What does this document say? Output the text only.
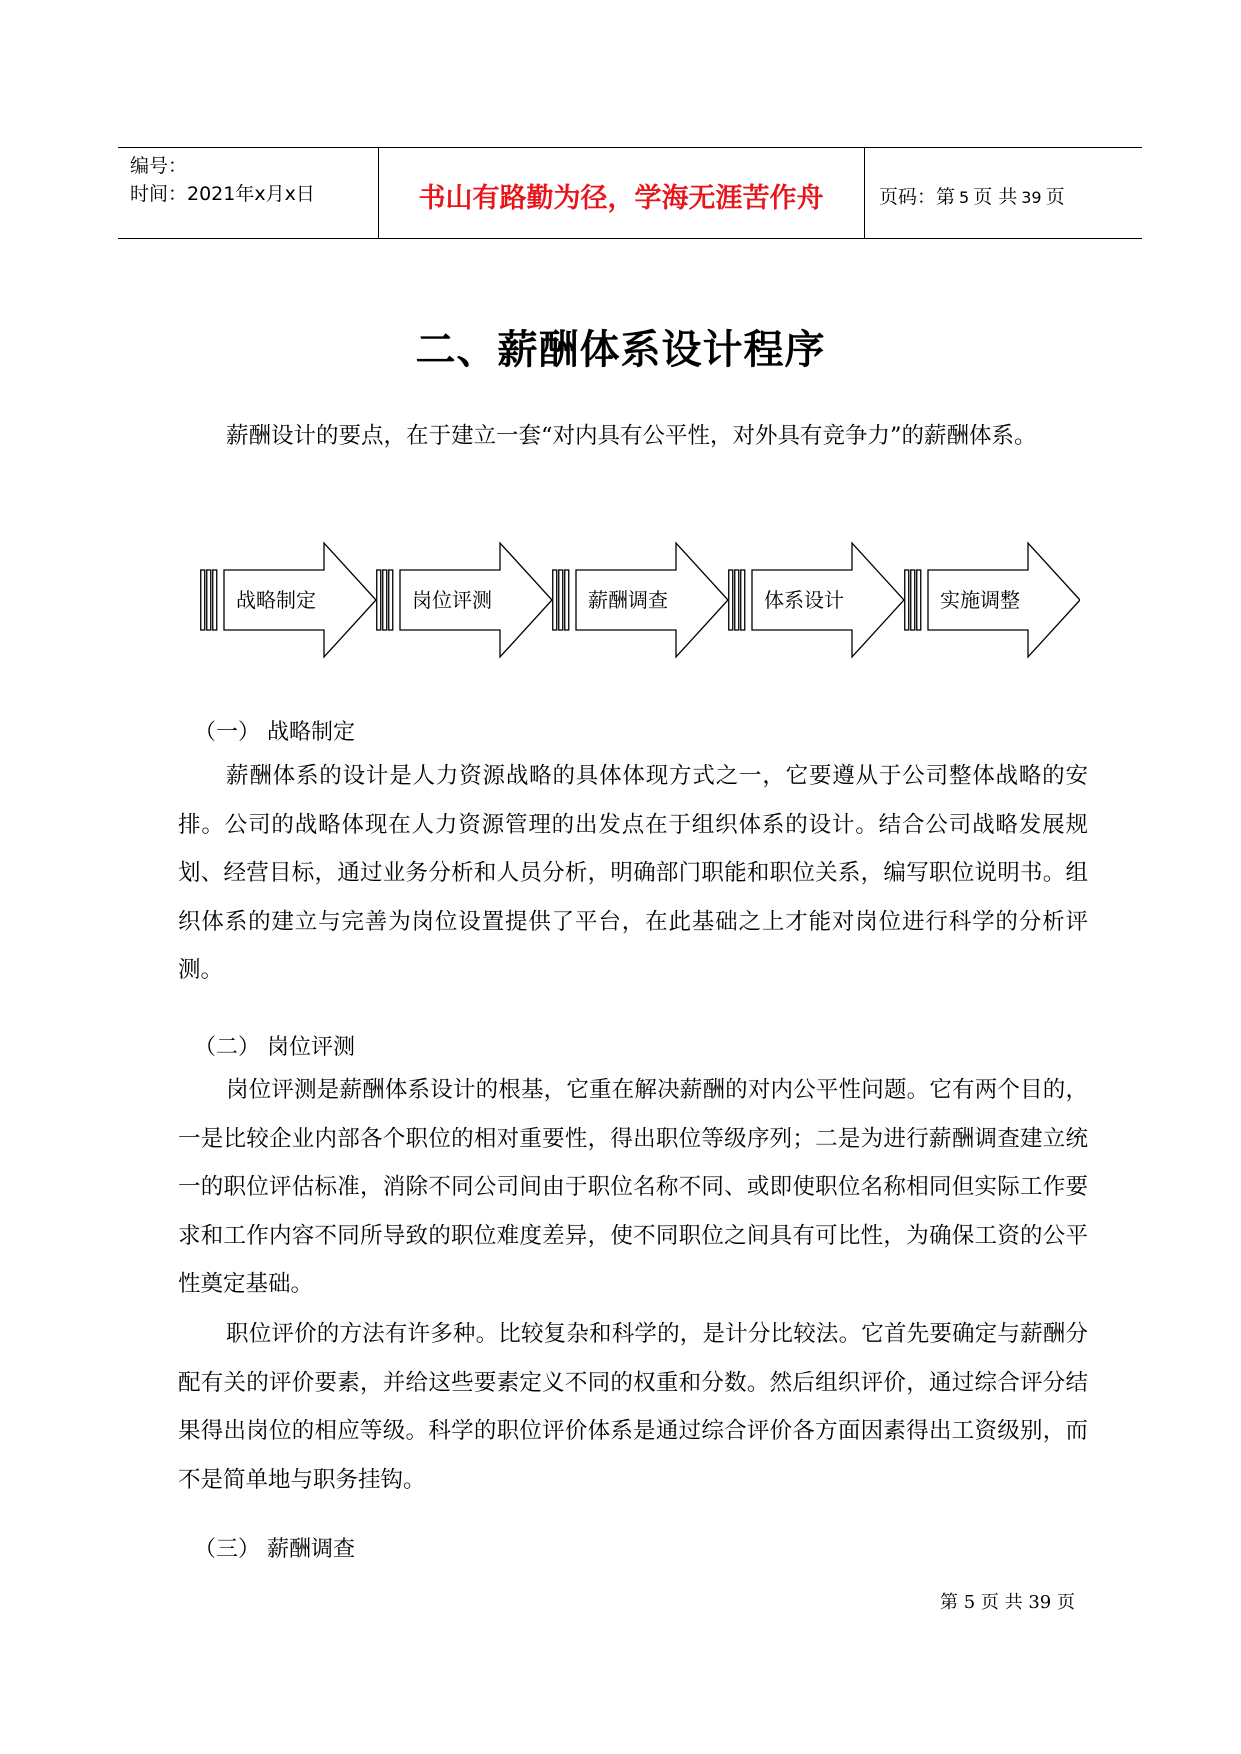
编号：
时间：2021年x月x日	书山有路勤为径，学海无涯苦作舟	页码：第 5 页 共 39 页
二、薪酬体系设计程序

薪酬设计的要点，在于建立一套“对内具有公平性，对外具有竞争力”的薪酬体系。

战略制定	岗位评测	薪酬调查	体系设计	实施调整
（一） 战略制定

薪酬体系的设计是人力资源战略的具体体现方式之一，它要遵从于公司整体战略的安排。公司的战略体现在人力资源管理的出发点在于组织体系的设计。结合公司战略发展规划、经营目标，通过业务分析和人员分析，明确部门职能和职位关系，编写职位说明书。组织体系的建立与完善为岗位设置提供了平台，在此基础之上才能对岗位进行科学的分析评测。

（二） 岗位评测

岗位评测是薪酬体系设计的根基，它重在解决薪酬的对内公平性问题。它有两个目的，一是比较企业内部各个职位的相对重要性，得出职位等级序列；二是为进行薪酬调查建立统一的职位评估标准，消除不同公司间由于职位名称不同、或即使职位名称相同但实际工作要求和工作内容不同所导致的职位难度差异，使不同职位之间具有可比性，为确保工资的公平性奠定基础。

职位评价的方法有许多种。比较复杂和科学的，是计分比较法。它首先要确定与薪酬分配有关的评价要素，并给这些要素定义不同的权重和分数。然后组织评价，通过综合评分结果得出岗位的相应等级。科学的职位评价体系是通过综合评价各方面因素得出工资级别，而不是简单地与职务挂钩。

（三） 薪酬调查
第 5 页 共 39 页
